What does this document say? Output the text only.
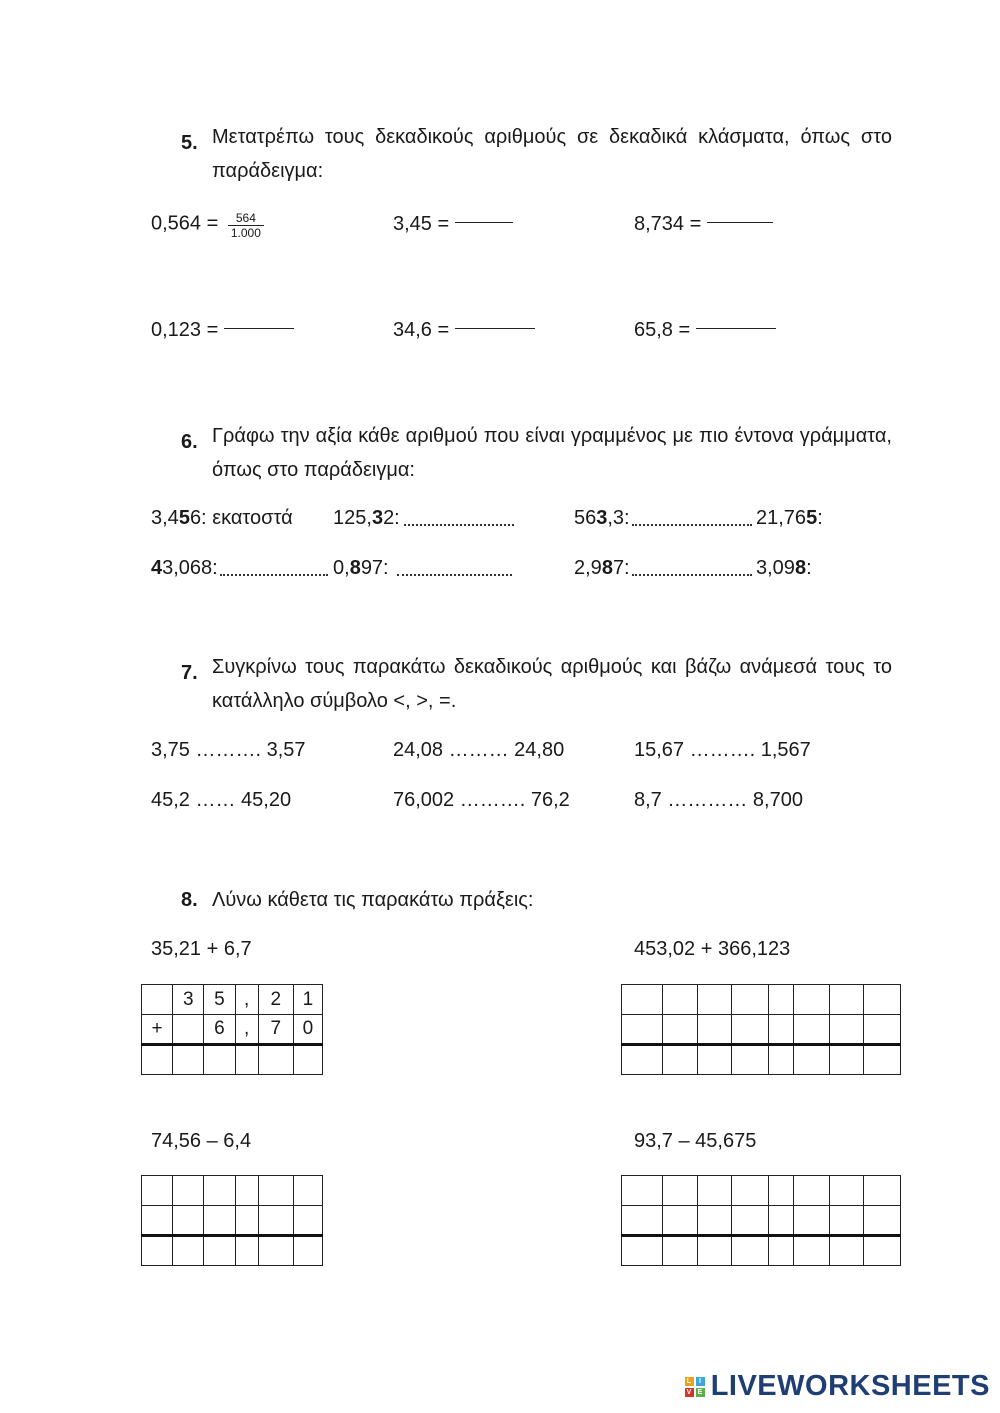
5. Μετατρέπω τους δεκαδικούς αριθμούς σε δεκαδικά κλάσματα, όπως στο παράδειγμα:
$0,564 = \frac{564}{1.000}$	3,45 =	8,734 =
0,123 =	34,6 =	65,8 =
6. Γράφω την αξία κάθε αριθμού που είναι γραμμένος με πιο έντονα γράμματα, όπως στο παράδειγμα:
3,456: εκατοστά 125,32:	563,3:	21,765:
43,068:	0,897:	2,987:	3,098:
7. Συγκρίνω τους παρακάτω δεκαδικούς αριθμούς και βάζω ανάμεσά τους το κατάλληλο σύμβολο <, >, =.
3,75 ………. 3,57	24,08 ……… 24,80	15,67 ………. 1,567
45,2 …… 45,20	76,002 ………. 76,2	8,7 ………… 8,700
8. Λύνω κάθετα τις παρακάτω πράξεις:
35,21 + 6,7	453,02 + 366,123
	3	5	,	2	1
+		6	,	7	0

74,56 – 6,4	93,7 – 45,675

L	I
V E LIVEWORKSHEETS
